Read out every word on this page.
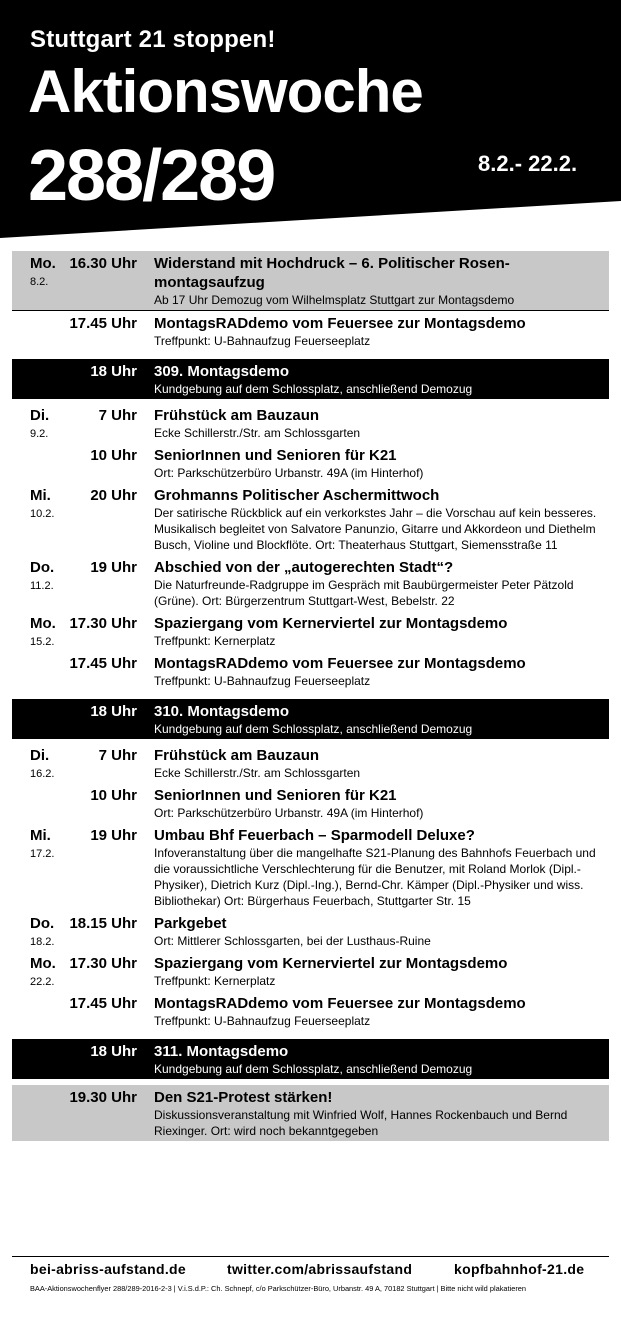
Stuttgart 21 stoppen!
Aktionswoche
288/289	8.2.- 22.2.
Mo.
8.2.
16.30 Uhr Widerstand mit Hochdruck – 6. Politischer Rosen-montagsaufzug
Ab 17 Uhr Demozug vom Wilhelmsplatz Stuttgart zur Montagsdemo
17.45 Uhr MontagsRADdemo vom Feuersee zur Montagsdemo
Treffpunkt: U-Bahnaufzug Feuerseeplatz
18 Uhr 309. Montagsdemo
Kundgebung auf dem Schlossplatz, anschließend Demozug
Di.
9.2.
7 Uhr Frühstück am Bauzaun
Ecke Schillerstr./Str. am Schlossgarten
10 Uhr SeniorInnen und Senioren für K21
Ort: Parkschützerbüro Urbanstr. 49A (im Hinterhof)
Mi.
10.2.
20 Uhr Grohmanns Politischer Aschermittwoch
Der satirische Rückblick auf ein verkorkstes Jahr – die Vorschau auf kein besseres. Musikalisch begleitet von Salvatore Panunzio, Gitarre und Akkordeon und Diethelm Busch, Violine und Blockflöte. Ort: Theaterhaus Stuttgart, Siemensstraße 11
Do.
11.2.
19 Uhr Abschied von der „autogerechten Stadt“?
Die Naturfreunde-Radgruppe im Gespräch mit Baubürgermeister Peter Pätzold (Grüne). Ort: Bürgerzentrum Stuttgart-West, Bebelstr. 22
Mo.
15.2.
17.30 Uhr Spaziergang vom Kernerviertel zur Montagsdemo
Treffpunkt: Kernerplatz
17.45 Uhr MontagsRADdemo vom Feuersee zur Montagsdemo
Treffpunkt: U-Bahnaufzug Feuerseeplatz
18 Uhr 310. Montagsdemo
Kundgebung auf dem Schlossplatz, anschließend Demozug
Di.
16.2.
7 Uhr Frühstück am Bauzaun
Ecke Schillerstr./Str. am Schlossgarten
10 Uhr SeniorInnen und Senioren für K21
Ort: Parkschützerbüro Urbanstr. 49A (im Hinterhof)
Mi.
17.2.
19 Uhr Umbau Bhf Feuerbach – Sparmodell Deluxe?
Infoveranstaltung über die mangelhafte S21-Planung des Bahnhofs Feuerbach und die voraussichtliche Verschlechterung für die Benutzer, mit Roland Morlok (Dipl.-Physiker), Dietrich Kurz (Dipl.-Ing.), Bernd-Chr. Kämper (Dipl.-Physiker und wiss. Bibliothekar) Ort: Bürgerhaus Feuerbach, Stuttgarter Str. 15
Do.
18.2.
18.15 Uhr Parkgebet
Ort: Mittlerer Schlossgarten, bei der Lusthaus-Ruine
Mo.
22.2.
17.30 Uhr Spaziergang vom Kernerviertel zur Montagsdemo
Treffpunkt: Kernerplatz
17.45 Uhr MontagsRADdemo vom Feuersee zur Montagsdemo
Treffpunkt: U-Bahnaufzug Feuerseeplatz
18 Uhr 311. Montagsdemo
Kundgebung auf dem Schlossplatz, anschließend Demozug
19.30 Uhr Den S21-Protest stärken!
Diskussionsveranstaltung mit Winfried Wolf, Hannes Rockenbauch und Bernd Riexinger. Ort: wird noch bekanntgegeben
bei-abriss-aufstand.de	twitter.com/abrissaufstand	kopfbahnhof-21.de
BAA-Aktionswochenflyer 288/289-2016-2-3 | V.i.S.d.P.: Ch. Schnepf, c/o Parkschützer-Büro, Urbanstr. 49 A, 70182 Stuttgart | Bitte nicht wild plakatieren
